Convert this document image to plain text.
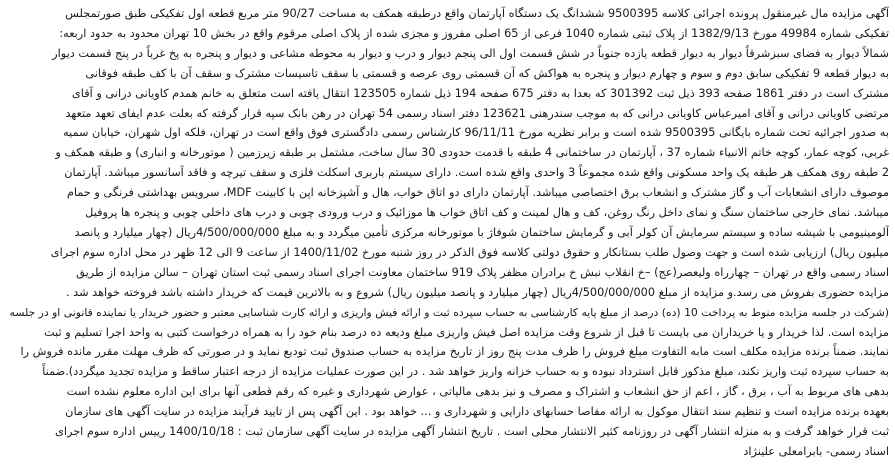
آگهی مزایده مال غیرمنقول پرونده اجرائی کلاسه 9500395 ششدانگ یک دستگاه آپارتمان واقع درطبقه همکف به مساحت 90/27 متر مربع قطعه اول تفکیکی طبق صورتمجلس
تفکیکی شماره 49984 مورخ 1382/9/13 از پلاک ثبتی شماره 1040 فرعی از 65 اصلی مفروز و مجزی شده از پلاک اصلی مرقوم واقع در بخش 10 تهران محدود به حدود اربعه:
شمالاً دیوار به فضای سبزشرقاً دیوار به دیوار قطعه یازده جنوباً در شش قسمت اول الی پنجم دیوار و درب و دیوار به محوطه مشاعی و دیوار و پنجره به پخ غرباً در پنج قسمت دیوار
به دیوار قطعه 9 تفکیکی سابق دوم و سوم و چهارم دیوار و پنجره به هواکش که آن قسمتی روی عرصه و قسمتی با سقف تاسیسات مشترک و سقف آن با کف طبقه فوقانی
مشترک است در دفتر 1861 صفحه 393 ذیل ثبت 301392 که بعدا به دفتر 675 صفحه 194 ذیل شماره 123505 انتقال یافته است متعلق به خانم همدم کاویانی درانی و آقای
مرتضی کاویانی درانی و آقای امیرعباس کاویانی درانی که به موجب سندرهنی 123621 دفتر اسناد رسمی 54 تهران در رهن بانک سپه قرار گرفته که بعلت عدم ایفای تعهد متعهد
به صدور اجرائیه تحت شماره بایگانی 9500395 شده است و برابر نظریه مورخ 96/11/11 کارشناس رسمی دادگستری فوق واقع است در تهران، فلکه اول شهران، خیابان سمیه
غربی، کوچه عمار، کوچه خاتم الانبیاء شماره 37 ، آپارتمان در ساختمانی 4 طبقه با قدمت حدودی 30 سال ساخت، مشتمل بر طبقه زیرزمین ( موتورخانه و انباری) و طبقه همکف و
2 طبقه روی همکف هر طبقه یک واحد مسکونی واقع شده مجموعاً 3 واحدی واقع شده است. دارای سیستم باربری اسکلت فلزی و سقف تیرچه و فاقد آسانسور میباشد. آپارتمان
موصوف دارای انشعابات آب و گاز مشترک و انشعاب برق اختصاصی میباشد. آپارتمان دارای دو اتاق خواب، هال و آشپزخانه اپن با کابینت MDF، سرویس بهداشتی فرنگی و حمام
میباشد. نمای خارجی ساختمان سنگ و نمای داخل رنگ روغن، کف و هال لمینت و کف اتاق خواب ها موزائیک و درب ورودی چوبی و درب های داخلی چوبی و پنجره ها پروفیل
آلومینیومی با شیشه ساده و سیستم سرمایش آن کولر آبی و گرمایش ساختمان شوفاژ با موتورخانه مرکزی تأمین میگردد و به مبلغ 4/500/000/000ریال (چهار میلیارد و پانصد
میلیون ریال) ارزیابی شده است و جهت وصول طلب بستانکار و حقوق دولتی کلاسه فوق الذکر در روز شنبه مورخ 1400/11/02 از ساعت 9 الی 12 ظهر در محل اداره سوم اجرای
اسناد رسمی واقع در تهران – چهارراه ولیعصر(عج) –خ انقلاب نبش خ برادران مظفر پلاک 919 ساختمان معاونت اجرای اسناد رسمی ثبت استان تهران – سالن مزایده از طریق
مزایده حضوری بفروش می رسد.و مزایده از مبلغ 4/500/000/000ریال (چهار میلیارد و پانصد میلیون ریال) شروع و به بالاترین قیمت که خریدار داشته باشد فروخته خواهد شد .
(شرکت در جلسه مزایده منوط به پرداخت 10 (ده) درصد از مبلغ پایه کارشناسی به حساب سپرده ثبت و ارائه فیش واریزی و ارائه کارت شناسایی معتبر و حضور خریدار یا نماینده قانونی او در جلسه
مزایده است. لذا خریدار و یا خریداران می بایست تا قبل از شروع وقت مزایده اصل فیش واریزی مبلغ ودیعه ده درصد بنام خود را به همراه درخواست کتبی به واحد اجرا تسلیم و ثبت
نمایند. ضمناً برنده مزایده مکلف است مابه التفاوت مبلغ فروش را ظرف مدت پنج روز از تاریخ مزایده به حساب صندوق ثبت تودیع نماید و در صورتی که ظرف مهلت مقرر مانده فروش را
به حساب سپرده ثبت واریز نکند، مبلغ مذکور قابل استرداد نبوده و به حساب خزانه واریز خواهد شد . در این صورت عملیات مزایده از درجه اعتبار ساقط و مزایده تجدید میگردد).ضمناً
بدهی های مربوط به آب ، برق ، گاز ، اعم از حق انشعاب و اشتراک و مصرف و نیز بدهی مالیاتی ، عوارض شهرداری و غیره که رقم قطعی آنها برای این اداره معلوم نشده است
بعهده برنده مزایده است و تنظیم سند انتقال موکول به ارائه مفاصا حسابهای دارایی و شهرداری و ... خواهد بود . این آگهی پس از تایید فرآیند مزایده در سایت آگهی های سازمان
ثبت قرار خواهد گرفت و به منزله انتشار آگهی در روزنامه کثیر الانتشار محلی است . تاریخ انتشار آگهی مزایده در سایت آگهی سازمان ثبت : 1400/10/18 رییس اداره سوم اجرای
اسناد رسمی- بابرامعلی علینژاد
